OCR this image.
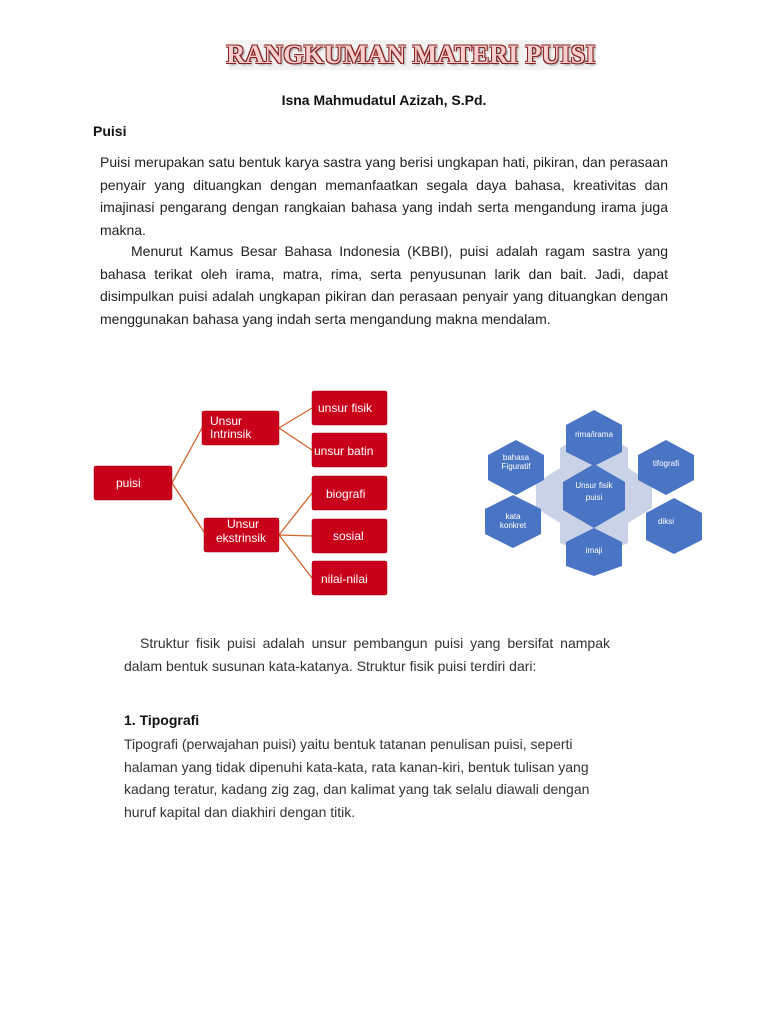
RANGKUMAN MATERI PUISI
Isna Mahmudatul Azizah, S.Pd.
Puisi

Puisi merupakan satu bentuk karya sastra yang berisi ungkapan hati, pikiran, dan perasaan penyair yang dituangkan dengan memanfaatkan segala daya bahasa, kreativitas dan imajinasi pengarang dengan rangkaian bahasa yang indah serta mengandung irama juga makna.

Menurut Kamus Besar Bahasa Indonesia (KBBI), puisi adalah ragam sastra yang bahasa terikat oleh irama, matra, rima, serta penyusunan larik dan bait. Jadi, dapat disimpulkan puisi adalah ungkapan pikiran dan perasaan penyair yang dituangkan dengan menggunakan bahasa yang indah serta mengandung makna mendalam.

puisi
Unsur
Intrinsik
Unsur
ekstrinsik
unsur fisik
unsur batin
biografi
sosial
nilai-nilai
Unsur fisik
puisi
rima/irama
tifografi
diksi
imaji
kata
konkret
bahasa
Figuratif

Struktur fisik puisi adalah unsur pembangun puisi yang bersifat nampak dalam bentuk susunan kata-katanya. Struktur fisik puisi terdiri dari:

1. Tipografi

Tipografi (perwajahan puisi) yaitu bentuk tatanan penulisan puisi, seperti halaman yang tidak dipenuhi kata-kata, rata kanan-kiri, bentuk tulisan yang kadang teratur, kadang zig zag, dan kalimat yang tak selalu diawali dengan huruf kapital dan diakhiri dengan titik.
